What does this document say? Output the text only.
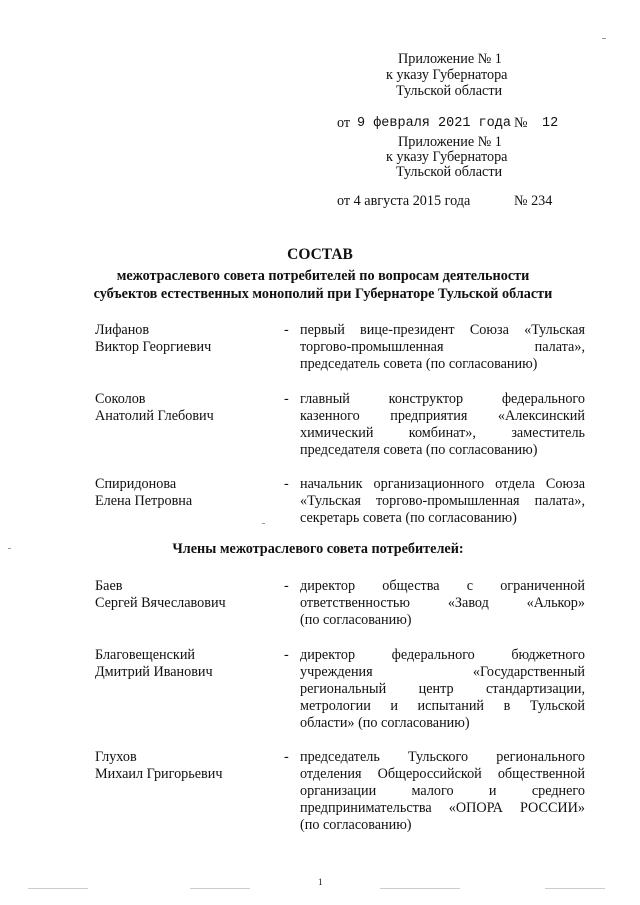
Приложение № 1
к указу Губернатора
Тульской области
от 9 февраля 2021 года № 12
Приложение № 1
к указу Губернатора
Тульской области
от 4 августа 2015 года	№ 234
СОСТАВ
межотраслевого совета потребителей по вопросам деятельности
субъектов естественных монополий при Губернаторе Тульской области
Лифанов
Виктор Георгиевич
- первый вице-президент Союза «Тульская
торгово-промышленная палата»,
председатель совета (по согласованию)
Соколов
Анатолий Глебович
- главный конструктор федерального
казенного предприятия «Алексинский
химический комбинат», заместитель
председателя совета (по согласованию)
Спиридонова
Елена Петровна
- начальник организационного отдела Союза
«Тульская торгово-промышленная палата»,
секретарь совета (по согласованию)
Члены межотраслевого совета потребителей:
Баев
Сергей Вячеславович
- директор общества с ограниченной
ответственностью «Завод «Алькор»
(по согласованию)
Благовещенский
Дмитрий Иванович
- директор федерального бюджетного
учреждения «Государственный
региональный центр стандартизации,
метрологии и испытаний в Тульской
области» (по согласованию)
Глухов
Михаил Григорьевич
- председатель Тульского регионального
отделения Общероссийской общественной
организации малого и среднего
предпринимательства «ОПОРА РОССИИ»
(по согласованию)
1
